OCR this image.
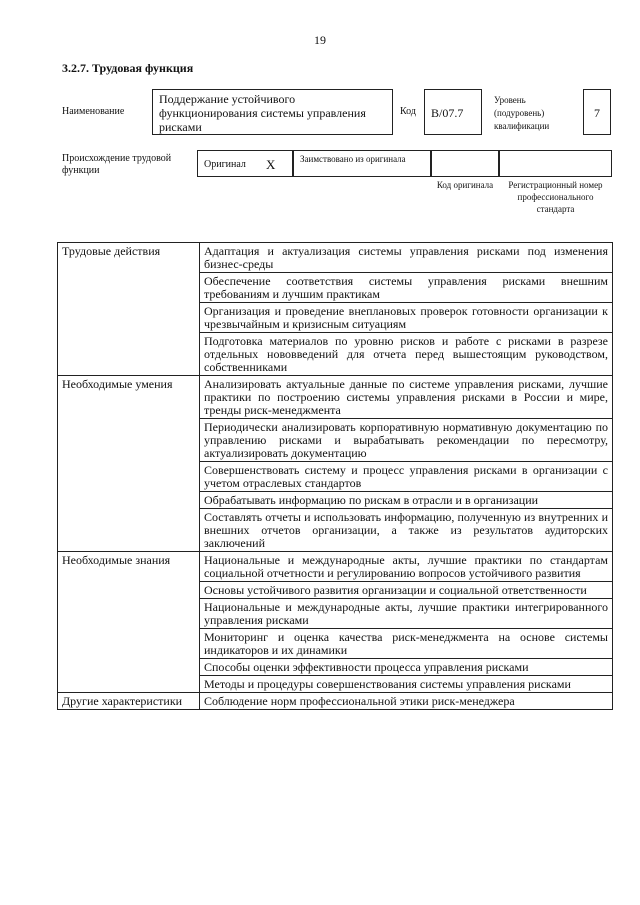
19
3.2.7. Трудовая функция
Наименование
Поддержание устойчивого функционирования системы управления рисками
Код	B/07.7
Уровень (подуровень) квалификации
7
Происхождение трудовой функции
Оригинал X	Заимствовано из оригинала
Код оригинала	Регистрационный номер профессионального стандарта
Трудовые действия	Адаптация и актуализация системы управления рисками под изменения бизнес-среды
	Обеспечение соответствия системы управления рисками внешним требованиям и лучшим практикам
	Организация и проведение внеплановых проверок готовности организации к чрезвычайным и кризисным ситуациям
	Подготовка материалов по уровню рисков и работе с рисками в разрезе отдельных нововведений для отчета перед вышестоящим руководством, собственниками
Необходимые умения	Анализировать актуальные данные по системе управления рисками, лучшие практики по построению системы управления рисками в России и мире, тренды риск-менеджмента
	Периодически анализировать корпоративную нормативную документацию по управлению рисками и вырабатывать рекомендации по пересмотру, актуализировать документацию
	Совершенствовать систему и процесс управления рисками в организации с учетом отраслевых стандартов
	Обрабатывать информацию по рискам в отрасли и в организации
	Составлять отчеты и использовать информацию, полученную из внутренних и внешних отчетов организации, а также из результатов аудиторских заключений
Необходимые знания	Национальные и международные акты, лучшие практики по стандартам социальной отчетности и регулированию вопросов устойчивого развития
	Основы устойчивого развития организации и социальной ответственности
	Национальные и международные акты, лучшие практики интегрированного управления рисками
	Мониторинг и оценка качества риск-менеджмента на основе системы индикаторов и их динамики
	Способы оценки эффективности процесса управления рисками
	Методы и процедуры совершенствования системы управления рисками
Другие характеристики	Соблюдение норм профессиональной этики риск-менеджера
